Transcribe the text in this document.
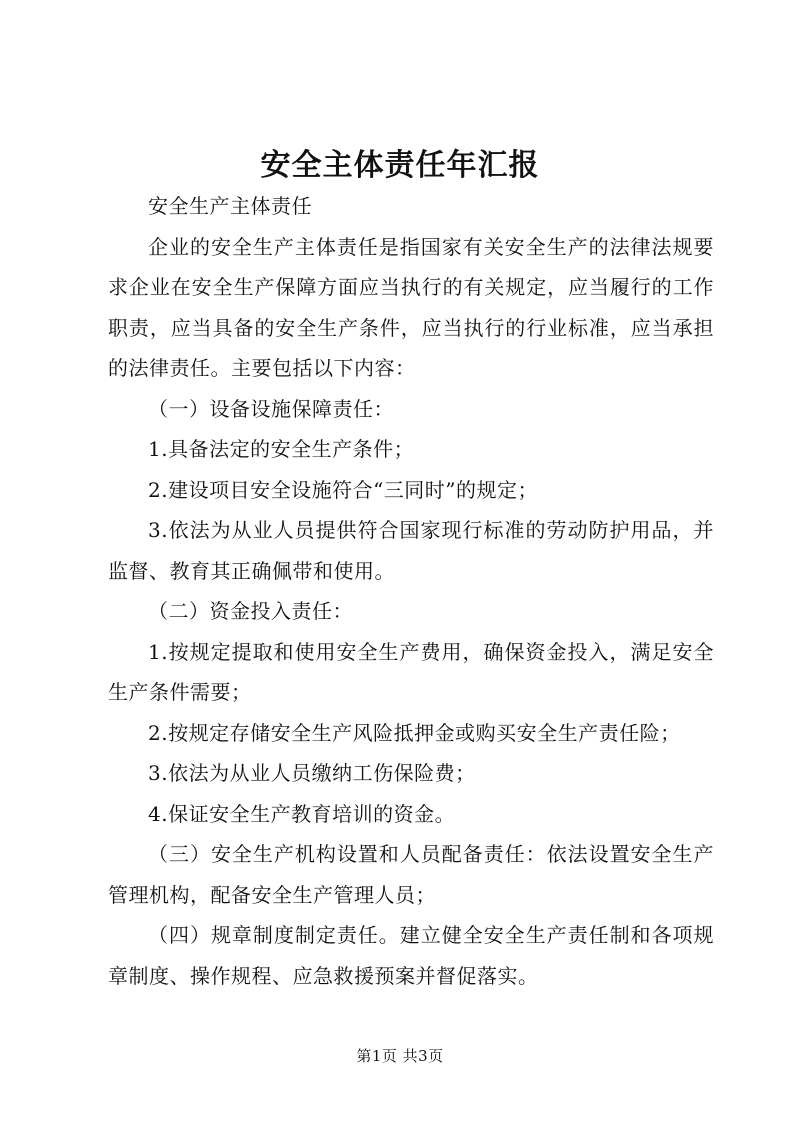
安全主体责任年汇报

安全生产主体责任

企业的安全生产主体责任是指国家有关安全生产的法律法规要求企业在安全生产保障方面应当执行的有关规定，应当履行的工作职责，应当具备的安全生产条件，应当执行的行业标准，应当承担的法律责任。主要包括以下内容：

（一）设备设施保障责任：

1.具备法定的安全生产条件；

2.建设项目安全设施符合“三同时”的规定；

3.依法为从业人员提供符合国家现行标准的劳动防护用品，并监督、教育其正确佩带和使用。

（二）资金投入责任：

1.按规定提取和使用安全生产费用，确保资金投入，满足安全生产条件需要；

2.按规定存储安全生产风险抵押金或购买安全生产责任险；

3.依法为从业人员缴纳工伤保险费；

4.保证安全生产教育培训的资金。

（三）安全生产机构设置和人员配备责任：依法设置安全生产管理机构，配备安全生产管理人员；

（四）规章制度制定责任。建立健全安全生产责任制和各项规章制度、操作规程、应急救援预案并督促落实。

第1页 共3页
